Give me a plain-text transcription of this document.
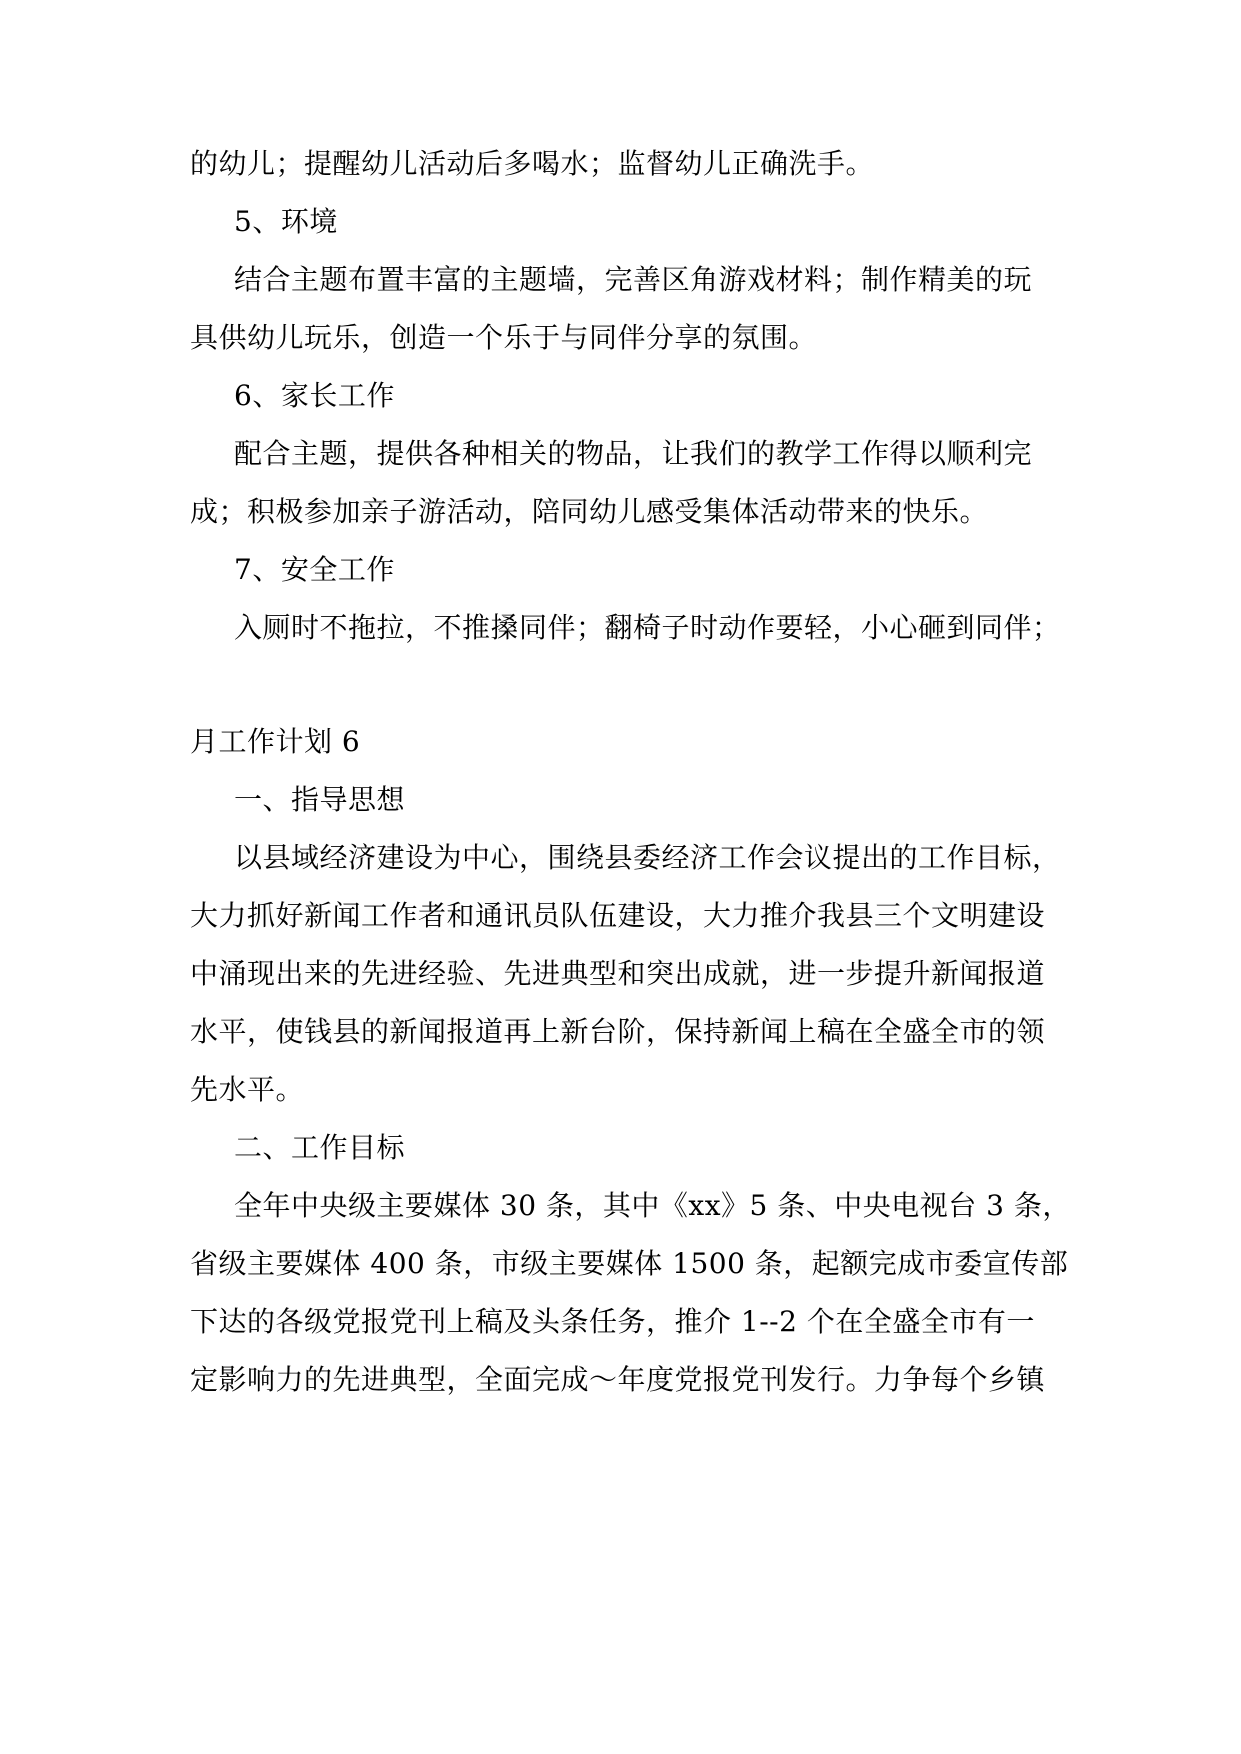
的幼儿；提醒幼儿活动后多喝水；监督幼儿正确洗手。
5、环境
结合主题布置丰富的主题墙，完善区角游戏材料；制作精美的玩
具供幼儿玩乐，创造一个乐于与同伴分享的氛围。
6、家长工作
配合主题，提供各种相关的物品，让我们的教学工作得以顺利完
成；积极参加亲子游活动，陪同幼儿感受集体活动带来的快乐。
7、安全工作
入厕时不拖拉，不推搡同伴；翻椅子时动作要轻，小心砸到同伴；
月工作计划 6
一、指导思想
以县域经济建设为中心，围绕县委经济工作会议提出的工作目标，
大力抓好新闻工作者和通讯员队伍建设，大力推介我县三个文明建设
中涌现出来的先进经验、先进典型和突出成就，进一步提升新闻报道
水平，使钱县的新闻报道再上新台阶，保持新闻上稿在全盛全市的领
先水平。
二、工作目标
全年中央级主要媒体 30 条，其中《xx》5 条、中央电视台 3 条，
省级主要媒体 400 条，市级主要媒体 1500 条，起额完成市委宣传部
下达的各级党报党刊上稿及头条任务，推介 1--2 个在全盛全市有一
定影响力的先进典型，全面完成～年度党报党刊发行。力争每个乡镇
